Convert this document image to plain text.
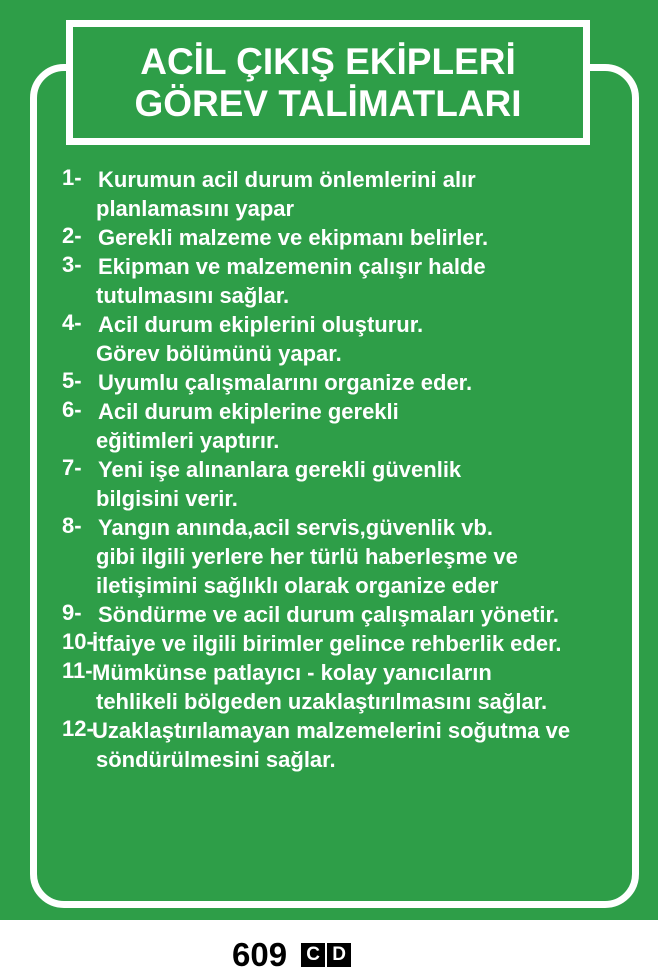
ACİL ÇIKIŞ EKİPLERİ
GÖREV TALİMATLARI
1- Kurumun acil durum önlemlerini alır
planlamasını yapar
2- Gerekli malzeme ve ekipmanı belirler.
3- Ekipman ve malzemenin çalışır halde
tutulmasını sağlar.
4- Acil durum ekiplerini oluşturur.
Görev bölümünü yapar.
5- Uyumlu çalışmalarını organize eder.
6- Acil durum ekiplerine gerekli
eğitimleri yaptırır.
7- Yeni işe alınanlara gerekli güvenlik
bilgisini verir.
8- Yangın anında,acil servis,güvenlik vb.
gibi ilgili yerlere her türlü haberleşme ve
iletişimini sağlıklı olarak organize eder
9- Söndürme ve acil durum çalışmaları yönetir.
10-
İtfaiye ve ilgili birimler gelince rehberlik eder.
11- Mümkünse patlayıcı - kolay yanıcıların
tehlikeli bölgeden uzaklaştırılmasını sağlar.
12-
Uzaklaştırılamayan malzemelerini soğutma ve
söndürülmesini sağlar.
609 C D
